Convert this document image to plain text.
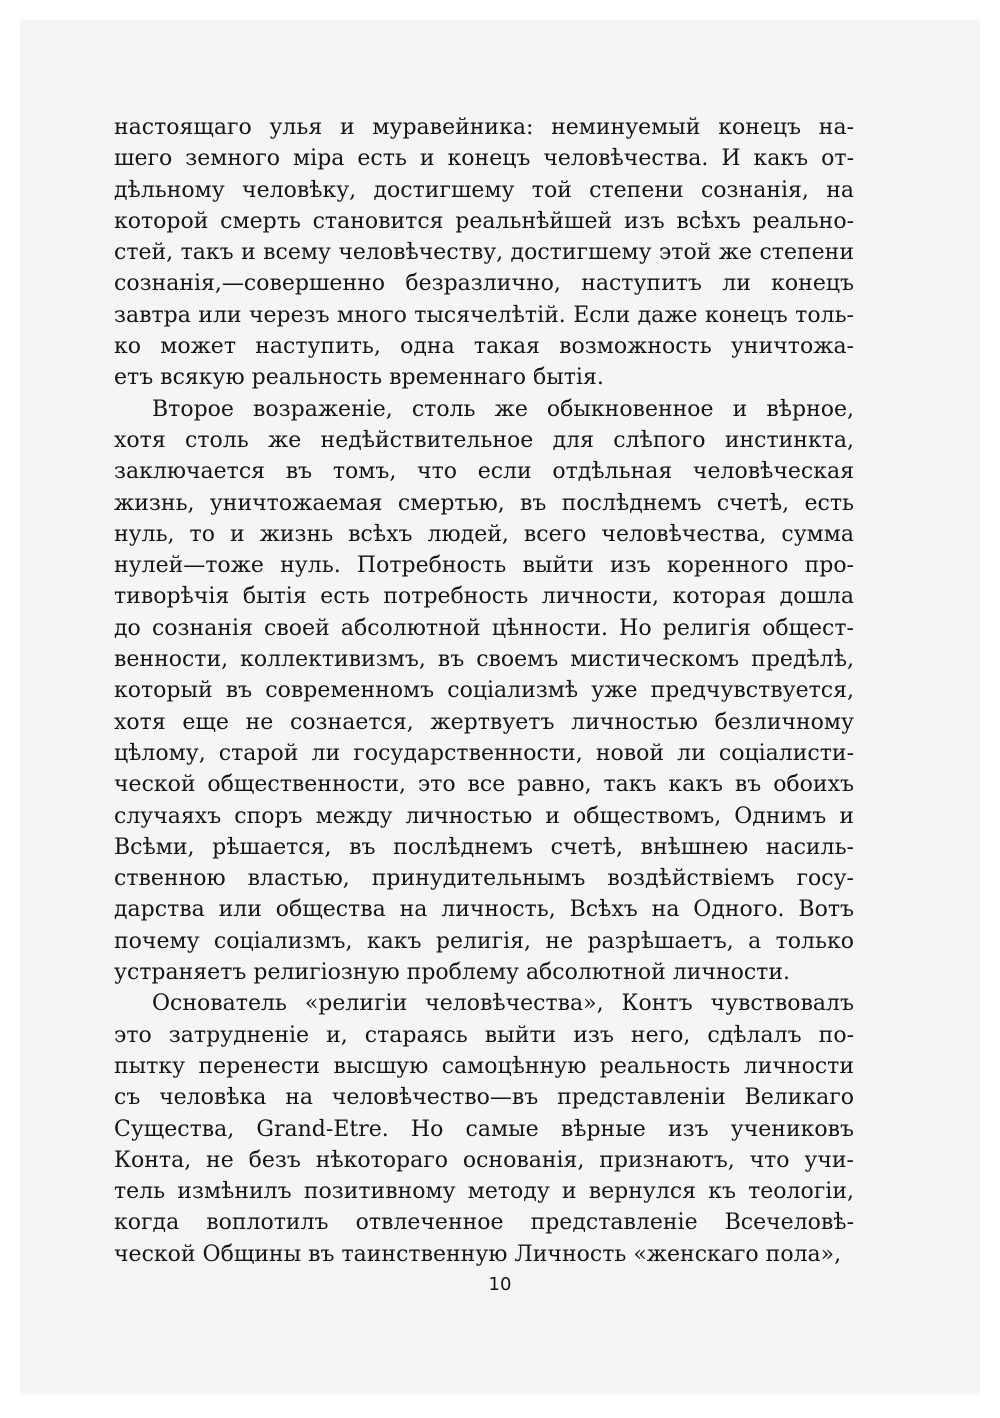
настоящаго улья и муравейника: неминуемый конецъ на-
шего земного міра есть и конецъ человѣчества. И какъ от-
дѣльному человѣку, достигшему той степени сознанія, на
которой смерть становится реальнѣйшей изъ всѣхъ реально-
стей, такъ и всему человѣчеству, достигшему этой же степени
сознанія,—совершенно безразлично, наступитъ ли конецъ
завтра или черезъ много тысячелѣтій. Если даже конецъ толь-
ко может наступить, одна такая возможность уничтожа-
етъ всякую реальность временнаго бытія.
Второе возраженіе, столь же обыкновенное и вѣрное,
хотя столь же недѣйствительное для слѣпого инстинкта,
заключается въ томъ, что если отдѣльная человѣческая
жизнь, уничтожаемая смертью, въ послѣднемъ счетѣ, есть
нуль, то и жизнь всѣхъ людей, всего человѣчества, сумма
нулей—тоже нуль. Потребность выйти изъ коренного про-
тиворѣчія бытія есть потребность личности, которая дошла
до сознанія своей абсолютной цѣнности. Но религія общест-
венности, коллективизмъ, въ своемъ мистическомъ предѣлѣ,
который въ современномъ соціализмѣ уже предчувствуется,
хотя еще не сознается, жертвуетъ личностью безличному
цѣлому, старой ли государственности, новой ли соціалисти-
ческой общественности, это все равно, такъ какъ въ обоихъ
случаяхъ споръ между личностью и обществомъ, Однимъ и
Всѣми, рѣшается, въ послѣднемъ счетѣ, внѣшнею насиль-
ственною властью, принудительнымъ воздѣйствіемъ госу-
дарства или общества на личность, Всѣхъ на Одного. Вотъ
почему соціализмъ, какъ религія, не разрѣшаетъ, а только
устраняетъ религіозную проблему абсолютной личности.
Основатель «религіи человѣчества», Контъ чувствовалъ
это затрудненіе и, стараясь выйти изъ него, сдѣлалъ по-
пытку перенести высшую самоцѣнную реальность личности
съ человѣка на человѣчество—въ представленіи Великаго
Существа, Grand-Etre. Но самые вѣрные изъ учениковъ
Конта, не безъ нѣкотораго основанія, признаютъ, что учи-
тель измѣнилъ позитивному методу и вернулся къ теологіи,
когда воплотилъ отвлеченное представленіе Всечеловѣ-
ческой Общины въ таинственную Личность «женскаго пола»,
10
